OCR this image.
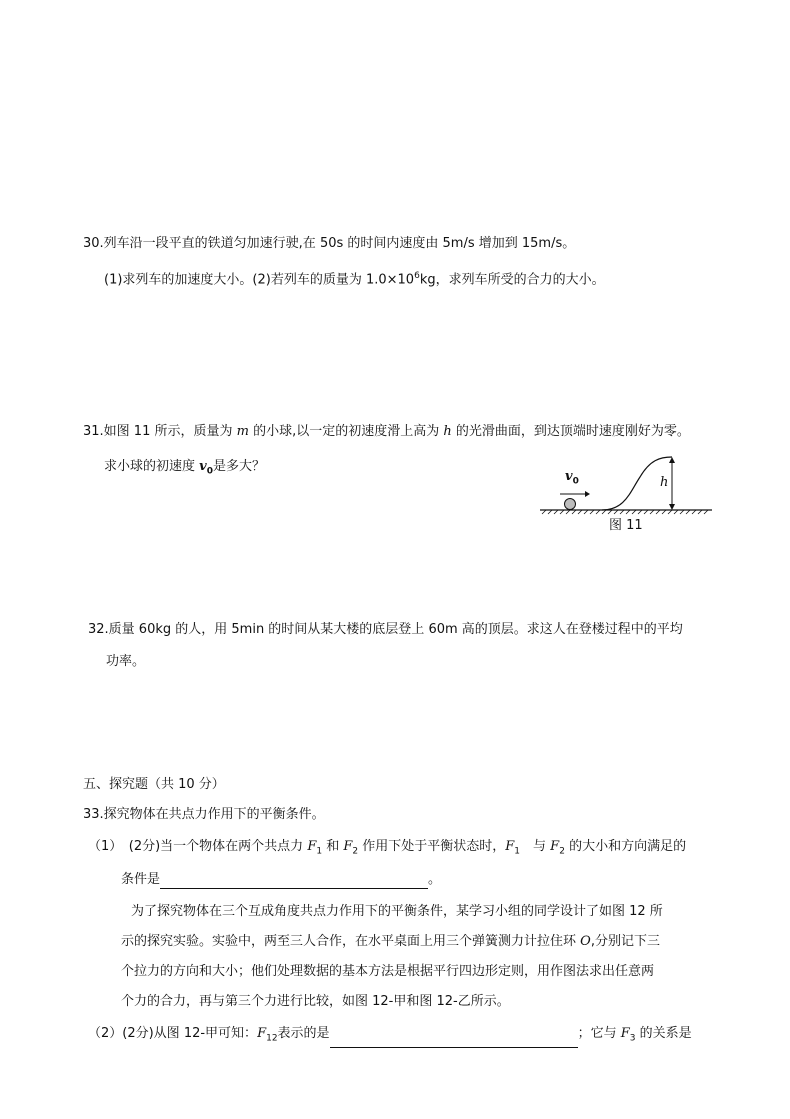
30.列车沿一段平直的铁道匀加速行驶,在 50s 的时间内速度由 5m/s 增加到 15m/s。
(1)求列车的加速度大小。(2)若列车的质量为 $1.0\times 10^6kg$，求列车所受的合力的大小。
31.如图 11 所示，质量为 m 的小球,以一定的初速度滑上高为 h 的光滑曲面，到达顶端时速度刚好为零。
求小球的初速度 $v_0$是多大？
$v_0$	h
图 11
32.质量 60kg 的人，用 5min 的时间从某大楼的底层登上 60m 高的顶层。求这人在登楼过程中的平均
功率。
五、探究题（共 10 分）
33.探究物体在共点力作用下的平衡条件。
（1）　(2分)当一个物体在两个共点力 $F_1$ 和 $F_2$ 作用下处于平衡状态时，$F_1$　与 $F_2$ 的大小和方向满足的
条件是	。
为了探究物体在三个互成角度共点力作用下的平衡条件，某学习小组的同学设计了如图 12 所
示的探究实验。实验中，两至三人合作，在水平桌面上用三个弹簧测力计拉住环 O,分别记下三
个拉力的方向和大小；他们处理数据的基本方法是根据平行四边形定则，用作图法求出任意两
个力的合力，再与第三个力进行比较，如图 12-甲和图 12-乙所示。
（2）(2分)从图 12-甲可知：$F_{12}$表示的是	；它与 $F_3$ 的关系是
